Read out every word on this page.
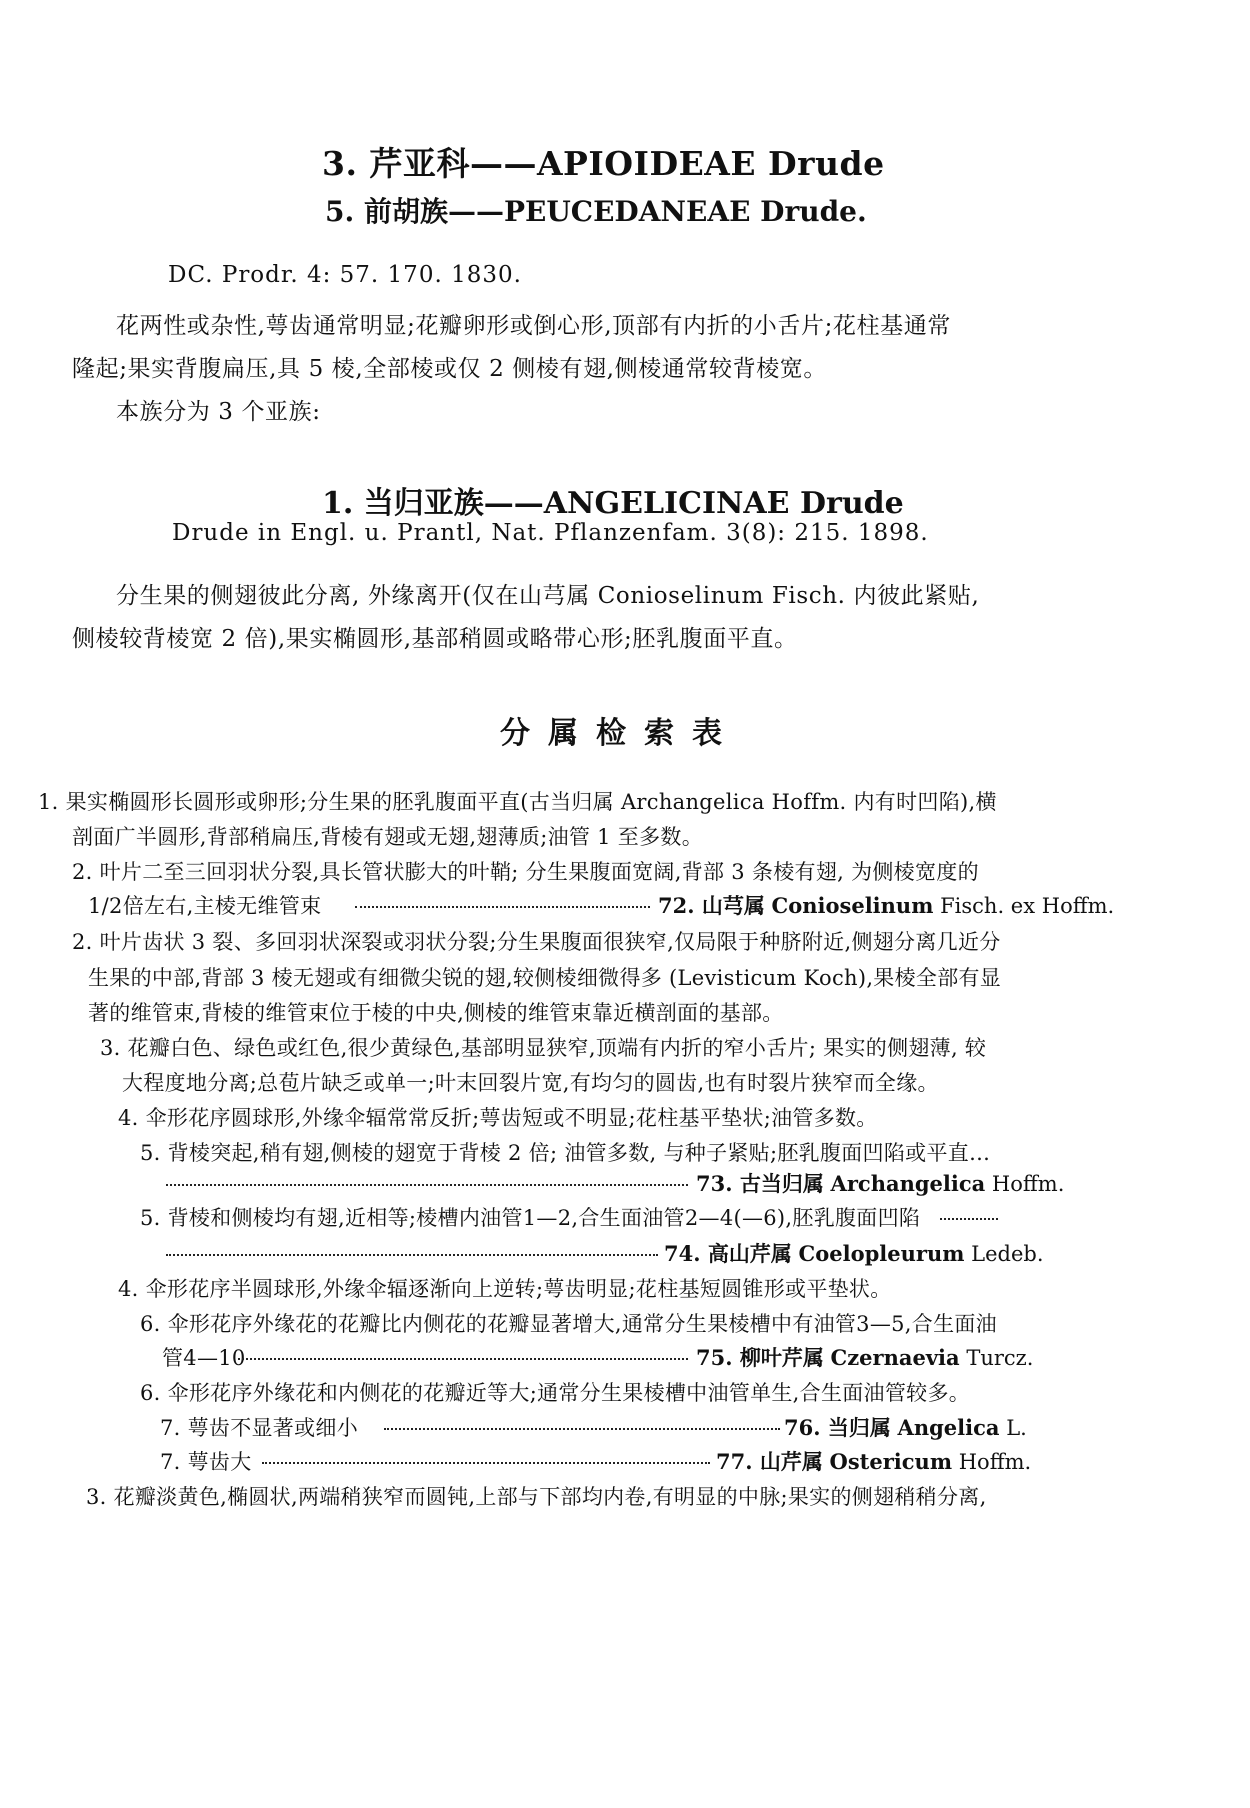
3. 芹亚科——APIOIDEAE Drude
5. 前胡族——PEUCEDANEAE Drude.
DC. Prodr. 4: 57. 170. 1830.
花两性或杂性,萼齿通常明显;花瓣卵形或倒心形,顶部有内折的小舌片;花柱基通常
隆起;果实背腹扁压,具 5 棱,全部棱或仅 2 侧棱有翅,侧棱通常较背棱宽。
本族分为 3 个亚族:
1. 当归亚族——ANGELICINAE Drude
Drude in Engl. u. Prantl, Nat. Pflanzenfam. 3(8): 215. 1898.
分生果的侧翅彼此分离, 外缘离开(仅在山芎属 Conioselinum Fisch. 内彼此紧贴,
侧棱较背棱宽 2 倍),果实椭圆形,基部稍圆或略带心形;胚乳腹面平直。
分属检索表
1. 果实椭圆形长圆形或卵形;分生果的胚乳腹面平直(古当归属 Archangelica Hoffm. 内有时凹陷),横
剖面广半圆形,背部稍扁压,背棱有翅或无翅,翅薄质;油管 1 至多数。
2. 叶片二至三回羽状分裂,具长管状膨大的叶鞘; 分生果腹面宽阔,背部 3 条棱有翅, 为侧棱宽度的
1/2倍左右,主棱无维管束	72. 山芎属 Conioselinum Fisch. ex Hoffm.
2. 叶片齿状 3 裂、多回羽状深裂或羽状分裂;分生果腹面很狭窄,仅局限于种脐附近,侧翅分离几近分
生果的中部,背部 3 棱无翅或有细微尖锐的翅,较侧棱细微得多 (Levisticum Koch),果棱全部有显
著的维管束,背棱的维管束位于棱的中央,侧棱的维管束靠近横剖面的基部。
3. 花瓣白色、绿色或红色,很少黄绿色,基部明显狭窄,顶端有内折的窄小舌片; 果实的侧翅薄, 较
大程度地分离;总苞片缺乏或单一;叶末回裂片宽,有均匀的圆齿,也有时裂片狭窄而全缘。
4. 伞形花序圆球形,外缘伞辐常常反折;萼齿短或不明显;花柱基平垫状;油管多数。
5. 背棱突起,稍有翅,侧棱的翅宽于背棱 2 倍; 油管多数, 与种子紧贴;胚乳腹面凹陷或平直…
73. 古当归属 Archangelica Hoffm.
5. 背棱和侧棱均有翅,近相等;棱槽内油管1—2,合生面油管2—4(—6),胚乳腹面凹陷
74. 高山芹属 Coelopleurum Ledeb.
4. 伞形花序半圆球形,外缘伞辐逐渐向上逆转;萼齿明显;花柱基短圆锥形或平垫状。
6. 伞形花序外缘花的花瓣比内侧花的花瓣显著增大,通常分生果棱槽中有油管3—5,合生面油
管4—10	75. 柳叶芹属 Czernaevia Turcz.
6. 伞形花序外缘花和内侧花的花瓣近等大;通常分生果棱槽中油管单生,合生面油管较多。
7. 萼齿不显著或细小	76. 当归属 Angelica L.
7. 萼齿大	77. 山芹属 Ostericum Hoffm.
3. 花瓣淡黄色,椭圆状,两端稍狭窄而圆钝,上部与下部均内卷,有明显的中脉;果实的侧翅稍稍分离,
